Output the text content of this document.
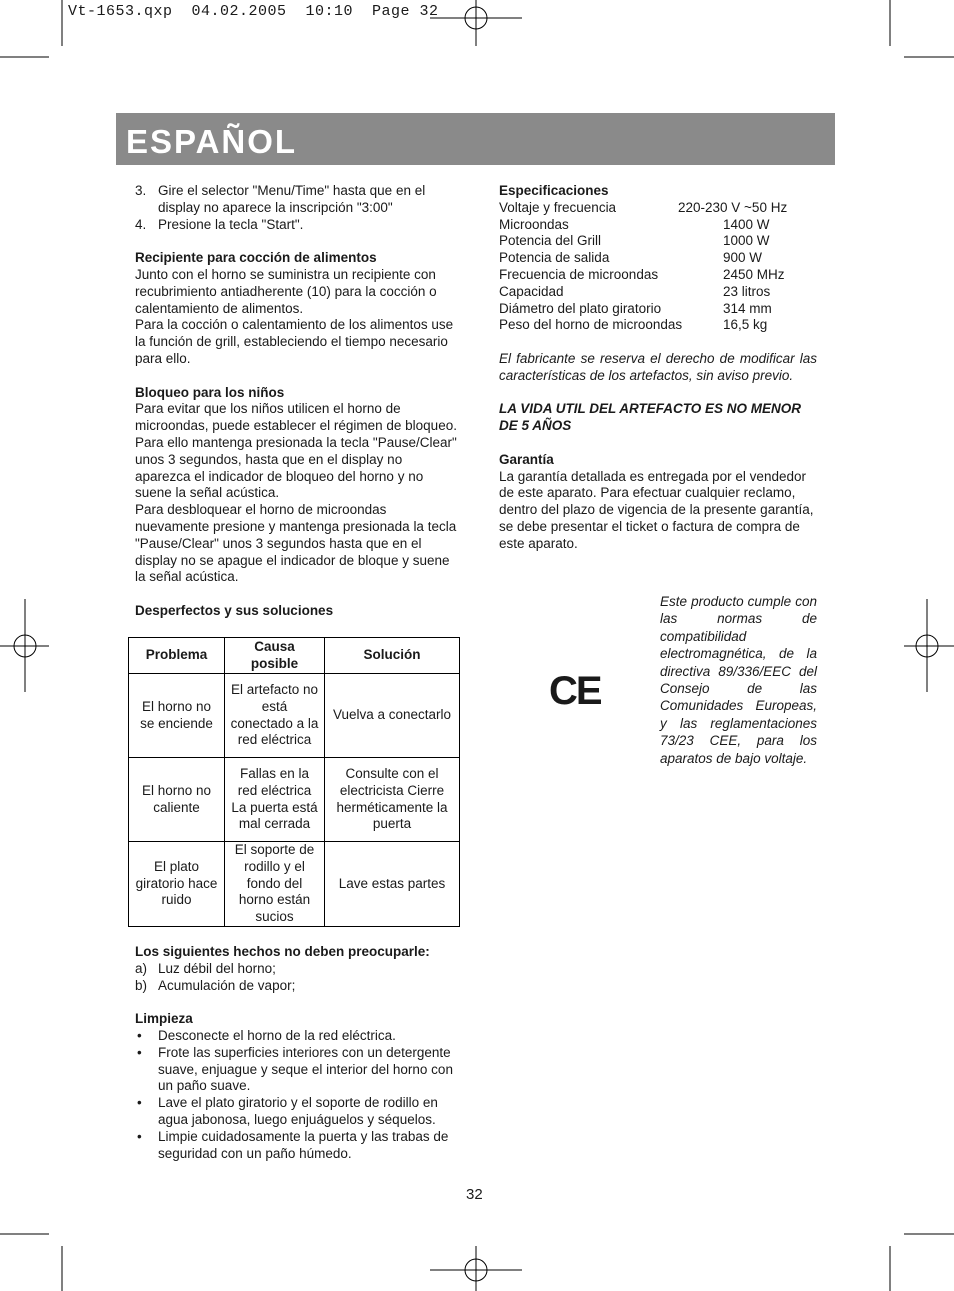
Vt-1653.qxp  04.02.2005  10:10  Page 32
ESPAÑOL

3. Gire el selector "Menu/Time" hasta que en el display no aparece la inscripción "3:00"

4. Presione la tecla "Start".

Recipiente para cocción de alimentos

Junto con el horno se suministra un recipiente con recubrimiento antiadherente (10) para la cocción o calentamiento de alimentos.

Para la cocción o calentamiento de los alimentos use la función de grill, estableciendo el tiempo necesario para ello.

Bloqueo para los niños

Para evitar que los niños utilicen el horno de microondas, puede establecer el régimen de bloqueo. Para ello mantenga presionada la tecla "Pause/Clear" unos 3 segundos, hasta que en el display no aparezca el indicador de bloqueo del horno y no suene la señal acústica.

Para desbloquear el horno de microondas nuevamente presione y mantenga presionada la tecla "Pause/Clear" unos 3 segundos hasta que en el display no se apague el indicador de bloque y suene la señal acústica.

Desperfectos y sus soluciones

Problema	Causa posible	Solución
El horno no se enciende	El artefacto no está conectado a la red eléctrica	Vuelva a conectarlo
El horno no caliente	Fallas en la red eléctrica La puerta está mal cerrada	Consulte con el electricista Cierre herméticamente la puerta
El plato giratorio hace ruido	El soporte de rodillo y el fondo del horno están sucios	Lave estas partes

Los siguientes hechos no deben preocuparle:

a) Luz débil del horno;

b) Acumulación de vapor;

Limpieza

• Desconecte el horno de la red eléctrica.

• Frote las superficies interiores con un detergente suave, enjuague y seque el interior del horno con un paño suave.

• Lave el plato giratorio y el soporte de rodillo en agua jabonosa, luego enjuáguelos y séquelos.

• Limpie cuidadosamente la puerta y las trabas de seguridad con un paño húmedo.

Especificaciones

Voltaje y frecuencia	220-230 V ~50 Hz
Microondas	1400 W
Potencia del Grill	1000 W
Potencia de salida	900 W
Frecuencia de microondas	2450 MHz
Capacidad	23 litros
Diámetro del plato giratorio	314 mm
Peso del horno de microondas	16,5 kg

El fabricante se reserva el derecho de modificar las características de los artefactos, sin aviso previo.

LA VIDA UTIL DEL ARTEFACTO ES NO MENOR DE 5 AÑOS

Garantía

La garantía detallada es entregada por el vendedor de este aparato. Para efectuar cualquier reclamo, dentro del plazo de vigencia de la presente garantía, se debe presentar el ticket o factura de compra de este aparato.

CE
Este producto cumple con las normas de compatibilidad electromagnética, de la directiva 89/336/EEC del Consejo de las Comunidades Europeas, y las reglamentaciones 73/23 CEE, para los aparatos de bajo voltaje.
32
